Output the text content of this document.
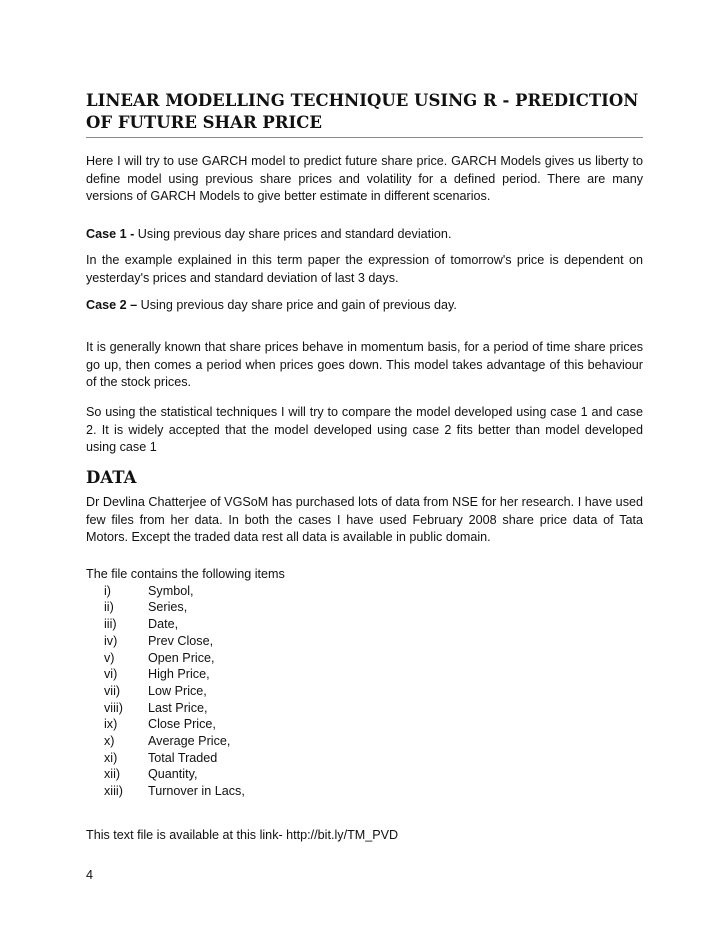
LINEAR MODELLING TECHNIQUE USING R - PREDICTION OF FUTURE SHAR PRICE

Here I will try to use GARCH model to predict future share price. GARCH Models gives us liberty to define model using previous share prices and volatility for a defined period. There are many versions of GARCH Models to give better estimate in different scenarios.

Case 1 - Using previous day share prices and standard deviation.

In the example explained in this term paper the expression of tomorrow's price is dependent on yesterday's prices and standard deviation of last 3 days.

Case 2 – Using previous day share price and gain of previous day.

It is generally known that share prices behave in momentum basis, for a period of time share prices go up, then comes a period when prices goes down. This model takes advantage of this behaviour of the stock prices.

So using the statistical techniques I will try to compare the model developed using case 1 and case 2. It is widely accepted that the model developed using case 2 fits better than model developed using case 1

DATA

Dr Devlina Chatterjee of VGSoM has purchased lots of data from NSE for her research. I have used few files from her data. In both the cases I have used February 2008 share price data of Tata Motors. Except the traded data rest all data is available in public domain.

The file contains the following items
i)	Symbol,
ii)	Series,
iii)	Date,
iv)	Prev Close,
v)	Open Price,
vi)	High Price,
vii)	Low Price,
viii)	Last Price,
ix)	Close Price,
x)	Average Price,
xi)	Total Traded
xii)	Quantity,
xiii)	Turnover in Lacs,

This text file is available at this link- http://bit.ly/TM_PVD

4
